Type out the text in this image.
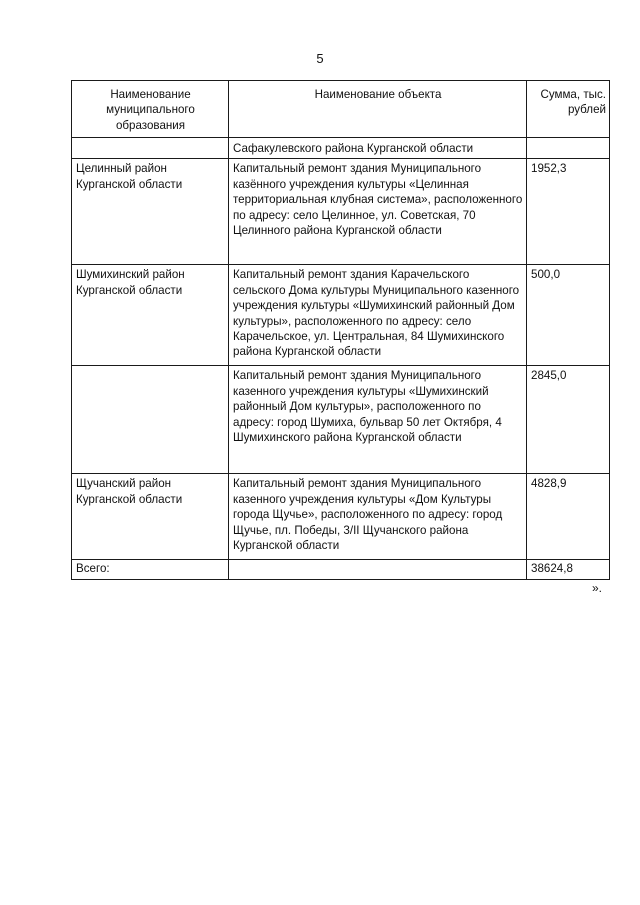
5
Наименование муниципального образования	Наименование объекта	Сумма, тыс. рублей
	Сафакулевского района Курганской области	
Целинный район Курганской области	Капитальный ремонт здания Муниципального казённого учреждения культуры «Целинная территориальная клубная система», расположенного по адресу: село Целинное, ул. Советская, 70 Целинного района Курганской области	1952,3
Шумихинский район Курганской области	Капитальный ремонт здания Карачельского сельского Дома культуры Муниципального казенного учреждения культуры «Шумихинский районный Дом культуры», расположенного по адресу: село Карачельское, ул. Центральная, 84 Шумихинского района Курганской области	500,0
	Капитальный ремонт здания Муниципального казенного учреждения культуры «Шумихинский районный Дом культуры», расположенного по адресу: город Шумиха, бульвар 50 лет Октября, 4 Шумихинского района Курганской области	2845,0
Щучанский район Курганской области	Капитальный ремонт здания Муниципального казенного учреждения культуры «Дом Культуры города Щучье», расположенного по адресу: город Щучье, пл. Победы, 3/II Щучанского района Курганской области	4828,9
Всего:		38624,8
».
